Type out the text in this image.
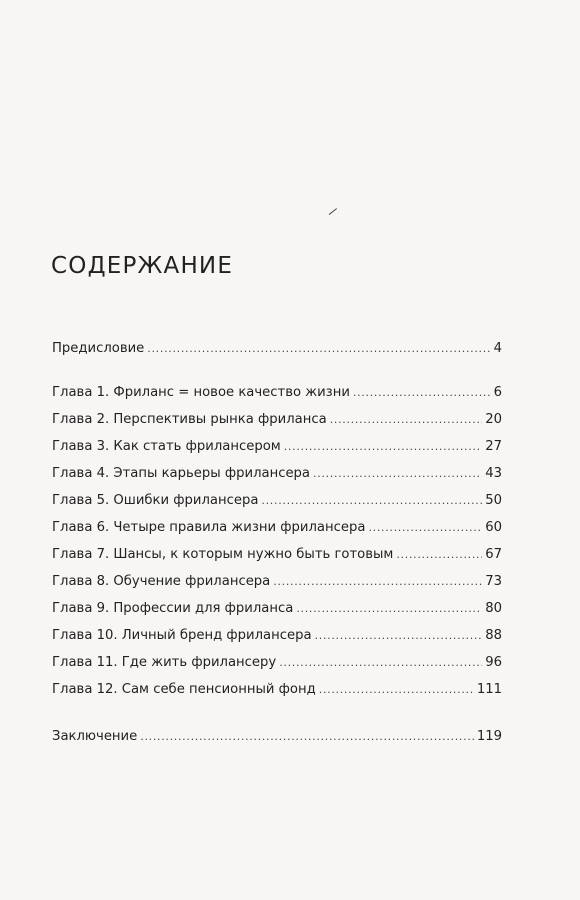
СОДЕРЖАНИЕ
Предисловие . . .	4
Глава 1. Фриланс = новое качество жизни . . .	6
Глава 2. Перспективы рынка фриланса . . .	20
Глава 3. Как стать фрилансером . . .	27
Глава 4. Этапы карьеры фрилансера . . .	43
Глава 5. Ошибки фрилансера . . .	50
Глава 6. Четыре правила жизни фрилансера . . .	60
Глава 7. Шансы, к которым нужно быть готовым . . .	67
Глава 8. Обучение фрилансера . . .	73
Глава 9. Профессии для фриланса . . .	80
Глава 10. Личный бренд фрилансера . . .	88
Глава 11. Где жить фрилансеру . . .	96
Глава 12. Сам себе пенсионный фонд . . .	111
Заключение . . .	119
